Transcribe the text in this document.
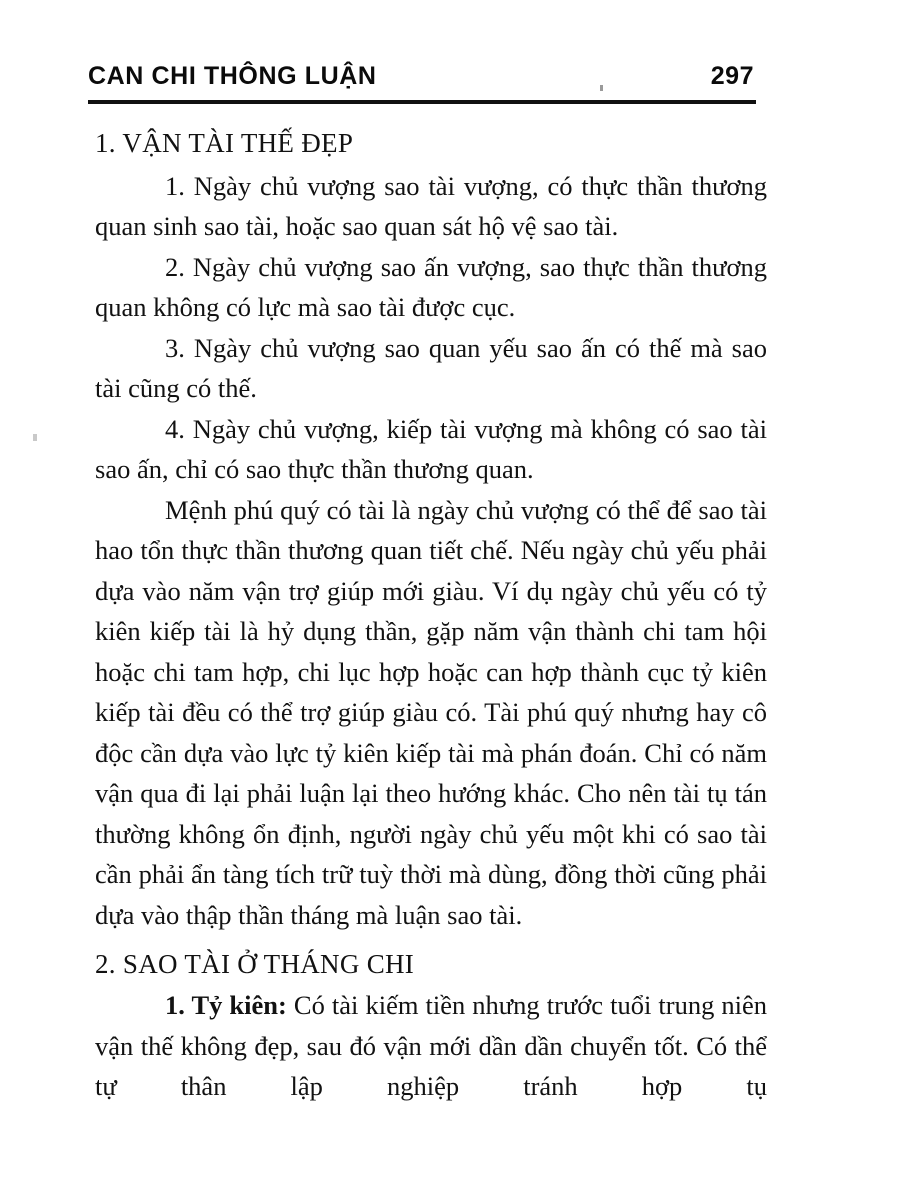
CAN CHI THÔNG LUẬN	297
1. VẬN TÀI THẾ ĐẸP

1. Ngày chủ vượng sao tài vượng, có thực thần thương quan sinh sao tài, hoặc sao quan sát hộ vệ sao tài.

2. Ngày chủ vượng sao ấn vượng, sao thực thần thương quan không có lực mà sao tài được cục.

3. Ngày chủ vượng sao quan yếu sao ấn có thế mà sao tài cũng có thế.

4. Ngày chủ vượng, kiếp tài vượng mà không có sao tài sao ấn, chỉ có sao thực thần thương quan.

Mệnh phú quý có tài là ngày chủ vượng có thể để sao tài hao tổn thực thần thương quan tiết chế. Nếu ngày chủ yếu phải dựa vào năm vận trợ giúp mới giàu. Ví dụ ngày chủ yếu có tỷ kiên kiếp tài là hỷ dụng thần, gặp năm vận thành chi tam hội hoặc chi tam hợp, chi lục hợp hoặc can hợp thành cục tỷ kiên kiếp tài đều có thể trợ giúp giàu có. Tài phú quý nhưng hay cô độc cần dựa vào lực tỷ kiên kiếp tài mà phán đoán. Chỉ có năm vận qua đi lại phải luận lại theo hướng khác. Cho nên tài tụ tán thường không ổn định, người ngày chủ yếu một khi có sao tài cần phải ẩn tàng tích trữ tuỳ thời mà dùng, đồng thời cũng phải dựa vào thập thần tháng mà luận sao tài.

2. SAO TÀI Ở THÁNG CHI

1. Tỷ kiên: Có tài kiếm tiền nhưng trước tuổi trung niên vận thế không đẹp, sau đó vận mới dần dần chuyển tốt. Có thể tự thân lập nghiệp tránh hợp tụ
